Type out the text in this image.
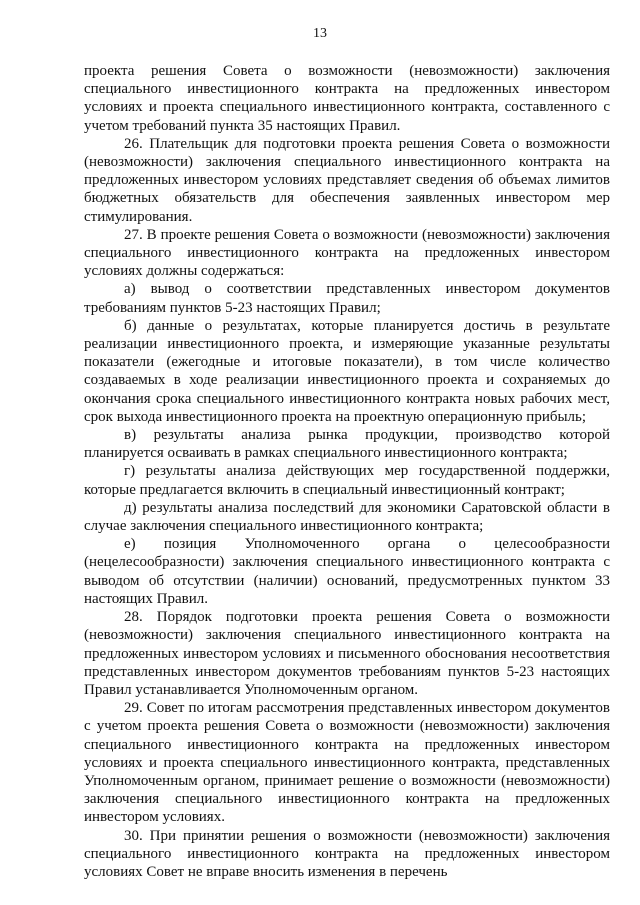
13

проекта решения Совета о возможности (невозможности) заключения специального инвестиционного контракта на предложенных инвестором условиях и проекта специального инвестиционного контракта, составленного с учетом требований пункта 35 настоящих Правил.

26. Плательщик для подготовки проекта решения Совета о возможности (невозможности) заключения специального инвестиционного контракта на предложенных инвестором условиях представляет сведения об объемах лимитов бюджетных обязательств для обеспечения заявленных инвестором мер стимулирования.

27. В проекте решения Совета о возможности (невозможности) заключения специального инвестиционного контракта на предложенных инвестором условиях должны содержаться:

а) вывод о соответствии представленных инвестором документов требованиям пунктов 5-23 настоящих Правил;

б) данные о результатах, которые планируется достичь в результате реализации инвестиционного проекта, и измеряющие указанные результаты показатели (ежегодные и итоговые показатели), в том числе количество создаваемых в ходе реализации инвестиционного проекта и сохраняемых до окончания срока специального инвестиционного контракта новых рабочих мест, срок выхода инвестиционного проекта на проектную операционную прибыль;

в) результаты анализа рынка продукции, производство которой планируется осваивать в рамках специального инвестиционного контракта;

г) результаты анализа действующих мер государственной поддержки, которые предлагается включить в специальный инвестиционный контракт;

д) результаты анализа последствий для экономики Саратовской области в случае заключения специального инвестиционного контракта;

е) позиция Уполномоченного органа о целесообразности (нецелесообразности) заключения специального инвестиционного контракта с выводом об отсутствии (наличии) оснований, предусмотренных пунктом 33 настоящих Правил.

28. Порядок подготовки проекта решения Совета о возможности (невозможности) заключения специального инвестиционного контракта на предложенных инвестором условиях и письменного обоснования несоответствия представленных инвестором документов требованиям пунктов 5-23 настоящих Правил устанавливается Уполномоченным органом.

29. Совет по итогам рассмотрения представленных инвестором документов с учетом проекта решения Совета о возможности (невозможности) заключения специального инвестиционного контракта на предложенных инвестором условиях и проекта специального инвестиционного контракта, представленных Уполномоченным органом, принимает решение о возможности (невозможности) заключения специального инвестиционного контракта на предложенных инвестором условиях.

30. При принятии решения о возможности (невозможности) заключения специального инвестиционного контракта на предложенных инвестором условиях Совет не вправе вносить изменения в перечень
